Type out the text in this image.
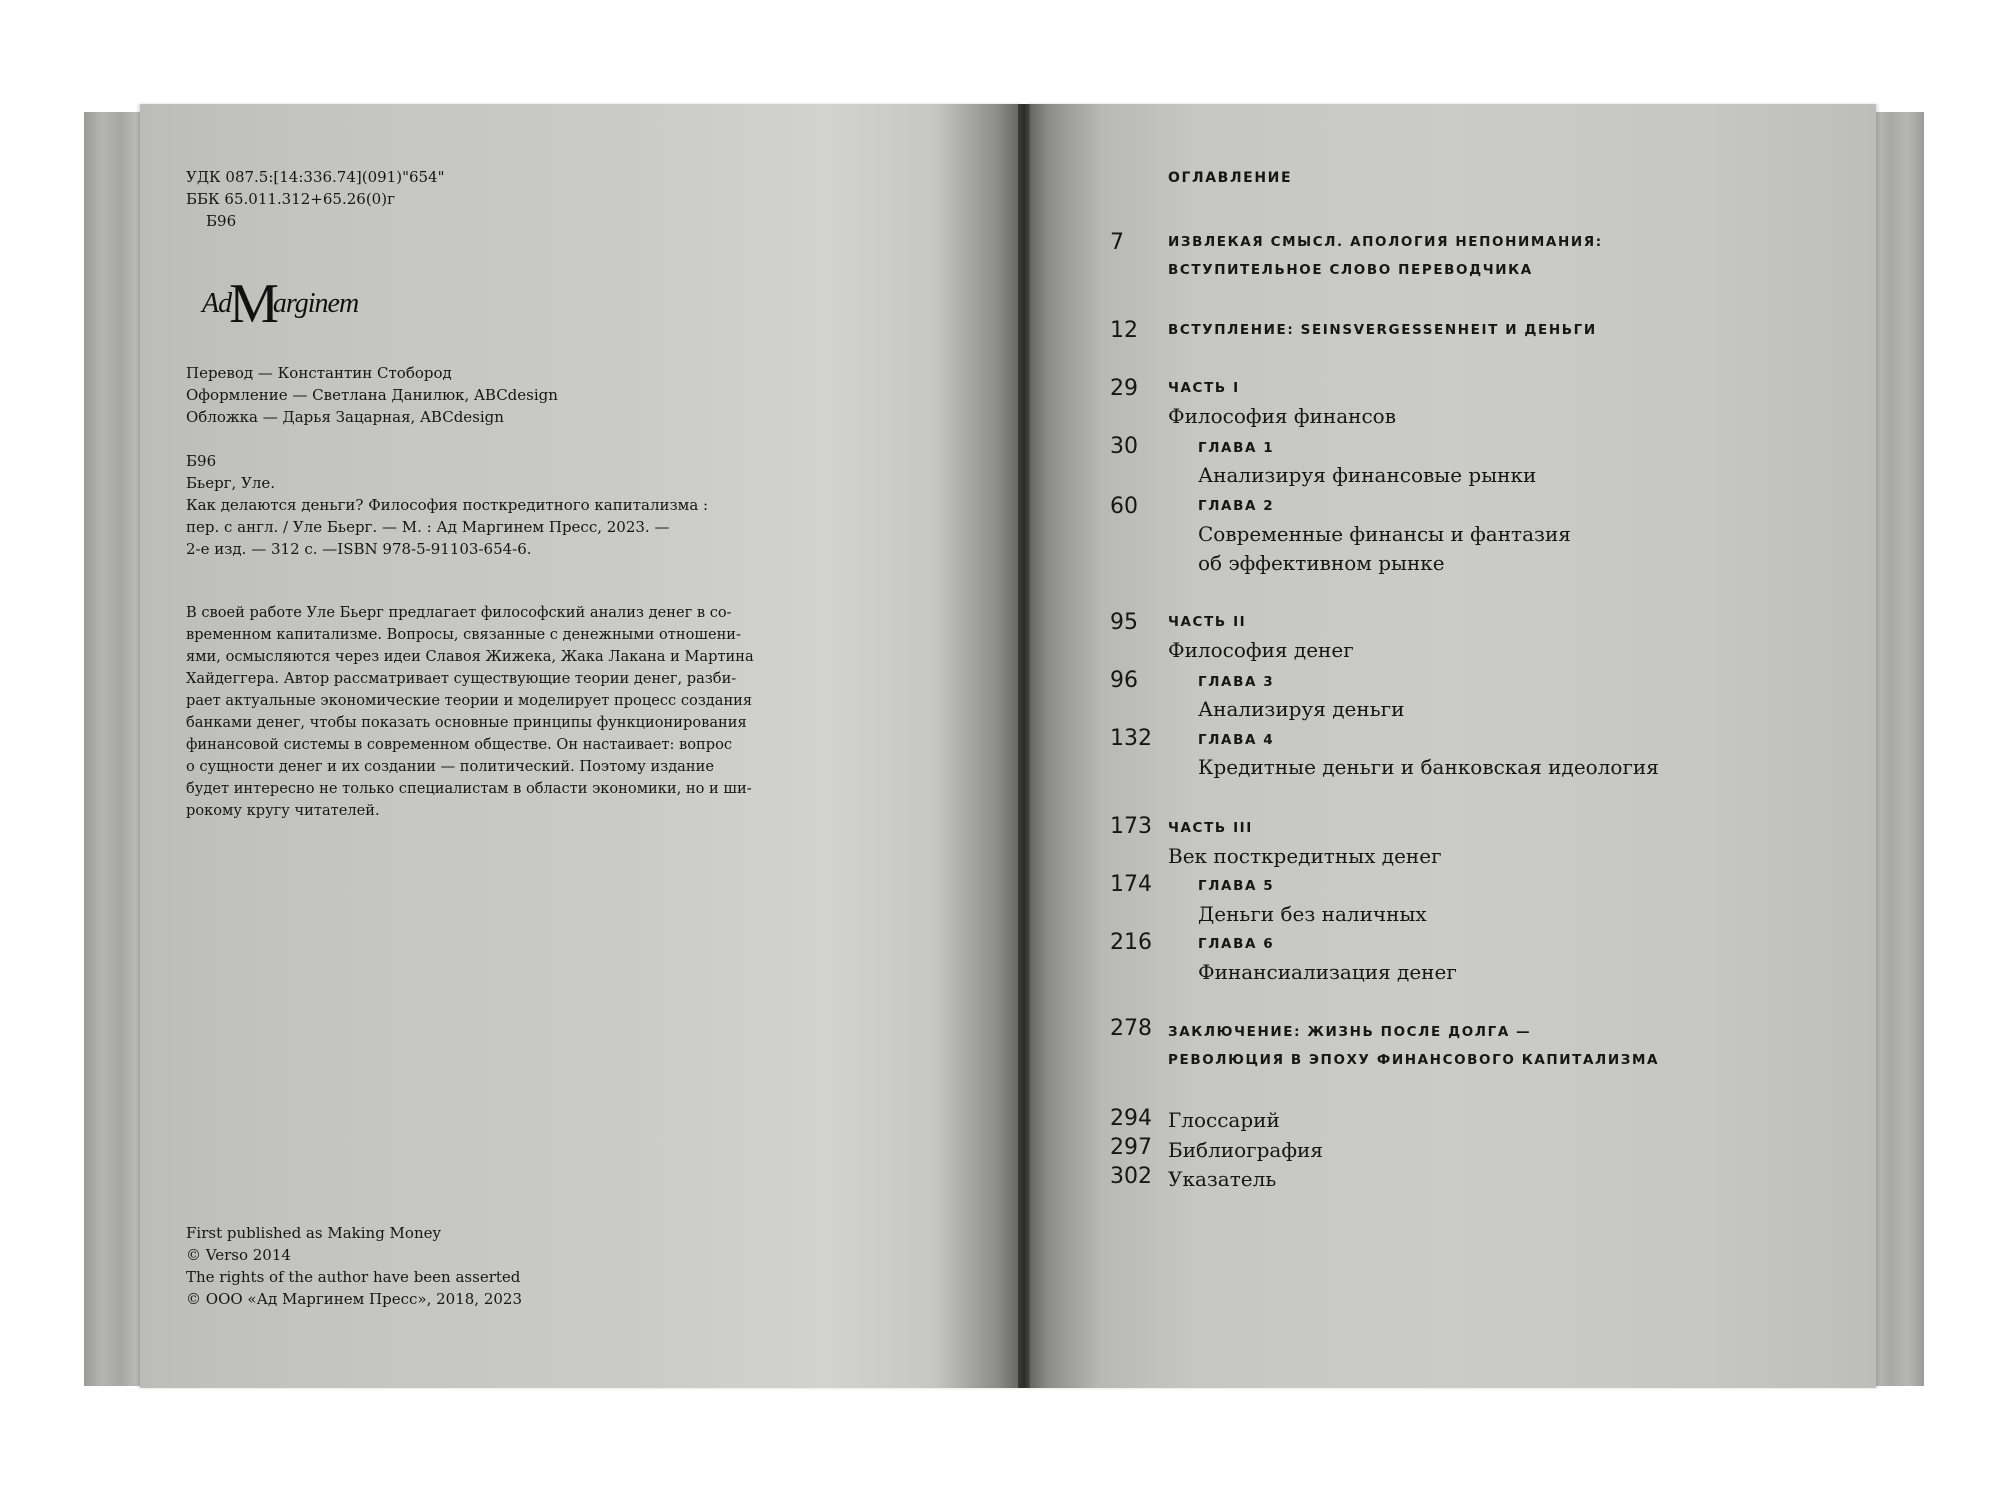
УДК 087.5:[14:336.74](091)"654"
ББК 65.011.312+65.26(0)г
Б96
AdMarginem
Перевод — Константин Стобород
Оформление — Светлана Данилюк, ABCdesign
Обложка — Дарья Зацарная, ABCdesign
Б96
Бьерг, Уле.
Как делаются деньги? Философия посткредитного капитализма :
пер. с англ. / Уле Бьерг. — М. : Ад Маргинем Пресс, 2023. —
2-е изд. — 312 с. —ISBN 978-5-91103-654-6.
В своей работе Уле Бьерг предлагает философский анализ денег в со-
временном капитализме. Вопросы, связанные с денежными отношени-
ями, осмысляются через идеи Славоя Жижека, Жака Лакана и Мартина
Хайдеггера. Автор рассматривает существующие теории денег, разби-
рает актуальные экономические теории и моделирует процесс создания
банками денег, чтобы показать основные принципы функционирования
финансовой системы в современном обществе. Он настаивает: вопрос
о сущности денег и их создании — политический. Поэтому издание
будет интересно не только специалистам в области экономики, но и ши-
рокому кругу читателей.
First published as Making Money
© Verso 2014
The rights of the author have been asserted
© ООО «Ад Маргинем Пресс», 2018, 2023
ОГЛАВЛЕНИЕ
7	ИЗВЛЕКАЯ СМЫСЛ. АПОЛОГИЯ НЕПОНИМАНИЯ:
ВСТУПИТЕЛЬНОЕ СЛОВО ПЕРЕВОДЧИКА
12 ВСТУПЛЕНИЕ: SEINSVERGESSENHEIT И ДЕНЬГИ
29 ЧАСТЬ I
Философия финансов
30	ГЛАВА 1
Анализируя финансовые рынки
60	ГЛАВА 2
Современные финансы и фантазия
об эффективном рынке
95 ЧАСТЬ II
Философия денег
96	ГЛАВА 3
Анализируя деньги
132	ГЛАВА 4
Кредитные деньги и банковская идеология
173 ЧАСТЬ III
Век посткредитных денег
174	ГЛАВА 5
Деньги без наличных
216	ГЛАВА 6
Финансиализация денег
278 ЗАКЛЮЧЕНИЕ: ЖИЗНЬ ПОСЛЕ ДОЛГА —
РЕВОЛЮЦИЯ В ЭПОХУ ФИНАНСОВОГО КАПИТАЛИЗМА
294 Глоссарий
297 Библиография
302 Указатель
